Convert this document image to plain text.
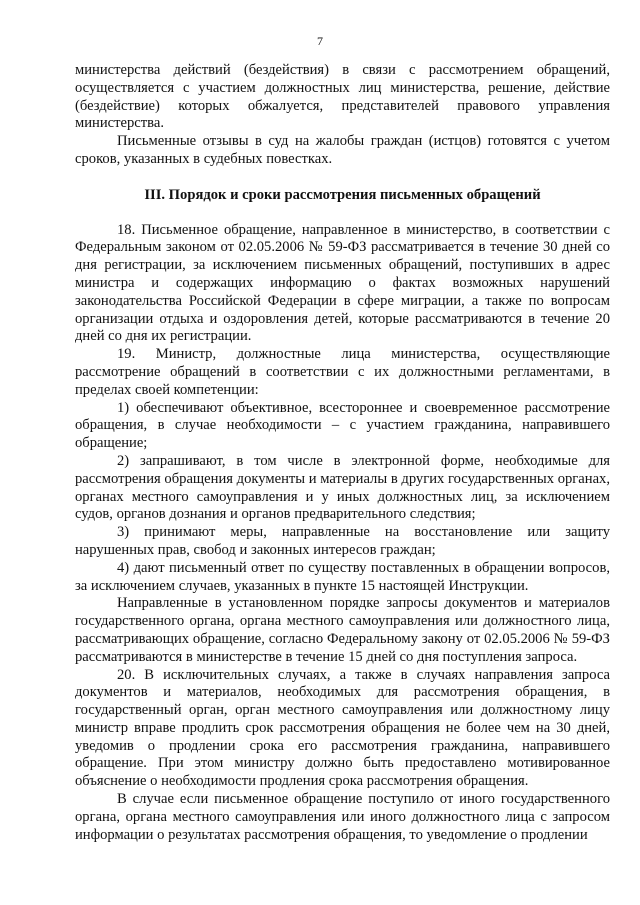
7

министерства действий (бездействия) в связи с рассмотрением обращений, осуществляется с участием должностных лиц министерства, решение, действие (бездействие) которых обжалуется, представителей правового управления министерства.

Письменные отзывы в суд на жалобы граждан (истцов) готовятся с учетом сроков, указанных в судебных повестках.

III. Порядок и сроки рассмотрения письменных обращений

18. Письменное обращение, направленное в министерство, в соответствии с Федеральным законом от 02.05.2006 № 59-ФЗ рассматривается в течение 30 дней со дня регистрации, за исключением письменных обращений, поступивших в адрес министра и содержащих информацию о фактах возможных нарушений законодательства Российской Федерации в сфере миграции, а также по вопросам организации отдыха и оздоровления детей, которые рассматриваются в течение 20 дней со дня их регистрации.

19. Министр, должностные лица министерства, осуществляющие рассмотрение обращений в соответствии с их должностными регламентами, в пределах своей компетенции:

1) обеспечивают объективное, всестороннее и своевременное рассмотрение обращения, в случае необходимости – с участием гражданина, направившего обращение;

2) запрашивают, в том числе в электронной форме, необходимые для рассмотрения обращения документы и материалы в других государственных органах, органах местного самоуправления и у иных должностных лиц, за исключением судов, органов дознания и органов предварительного следствия;

3) принимают меры, направленные на восстановление или защиту нарушенных прав, свобод и законных интересов граждан;

4) дают письменный ответ по существу поставленных в обращении вопросов, за исключением случаев, указанных в пункте 15 настоящей Инструкции.

Направленные в установленном порядке запросы документов и материалов государственного органа, органа местного самоуправления или должностного лица, рассматривающих обращение, согласно Федеральному закону от 02.05.2006 № 59-ФЗ рассматриваются в министерстве в течение 15 дней со дня поступления запроса.

20. В исключительных случаях, а также в случаях направления запроса документов и материалов, необходимых для рассмотрения обращения, в государственный орган, орган местного самоуправления или должностному лицу министр вправе продлить срок рассмотрения обращения не более чем на 30 дней, уведомив о продлении срока его рассмотрения гражданина, направившего обращение. При этом министру должно быть предоставлено мотивированное объяснение о необходимости продления срока рассмотрения обращения.

В случае если письменное обращение поступило от иного государственного органа, органа местного самоуправления или иного должностного лица с запросом информации о результатах рассмотрения обращения, то уведомление о продлении
